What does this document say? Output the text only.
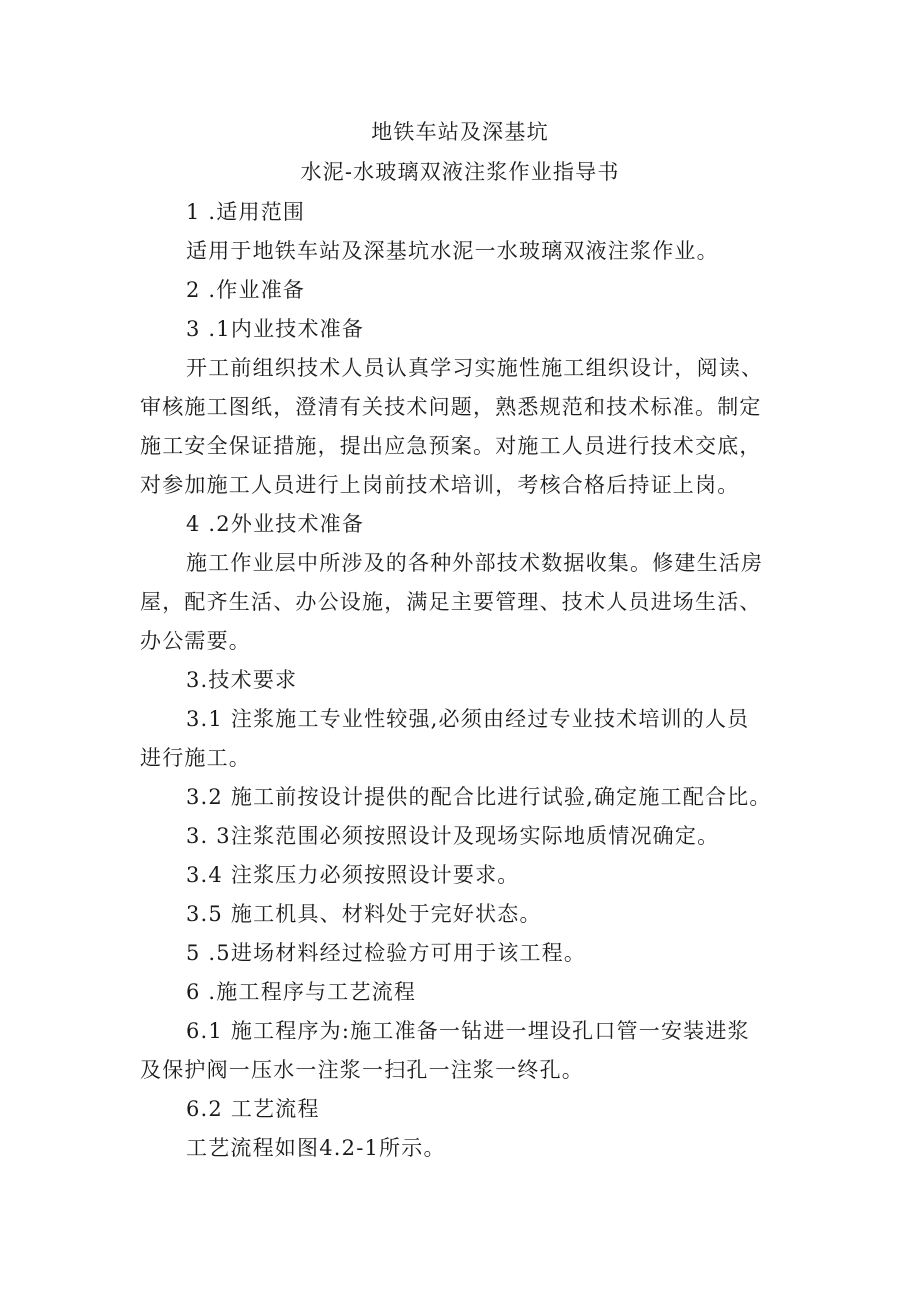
地铁车站及深基坑
水泥-水玻璃双液注浆作业指导书
1 .适用范围
适用于地铁车站及深基坑水泥一水玻璃双液注浆作业。
2 .作业准备
3 .1内业技术准备
开工前组织技术人员认真学习实施性施工组织设计，阅读、
审核施工图纸，澄清有关技术问题，熟悉规范和技术标准。制定
施工安全保证措施，提出应急预案。对施工人员进行技术交底，
对参加施工人员进行上岗前技术培训，考核合格后持证上岗。
4 .2外业技术准备
施工作业层中所涉及的各种外部技术数据收集。修建生活房
屋，配齐生活、办公设施，满足主要管理、技术人员进场生活、
办公需要。
3.技术要求
3.1 注浆施工专业性较强,必须由经过专业技术培训的人员
进行施工。
3.2 施工前按设计提供的配合比进行试验,确定施工配合比。
3. 3注浆范围必须按照设计及现场实际地质情况确定。
3.4 注浆压力必须按照设计要求。
3.5 施工机具、材料处于完好状态。
5 .5进场材料经过检验方可用于该工程。
6 .施工程序与工艺流程
6.1 施工程序为:施工准备一钻进一埋设孔口管一安装进浆
及保护阀一压水一注浆一扫孔一注浆一终孔。
6.2 工艺流程
工艺流程如图4.2-1所示。
